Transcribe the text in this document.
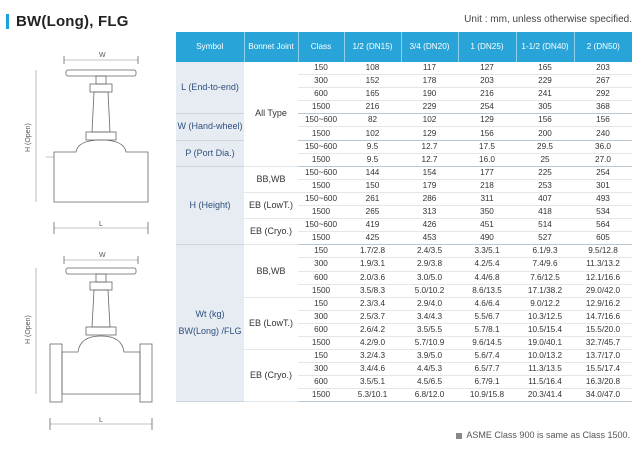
BW(Long), FLG	Unit : mm, unless otherwise specified.
W
L
H (Open)
W
L
H (Open)
Symbol	Bonnet Joint	Class	1/2 (DN15)	3/4 (DN20)	1 (DN25)	1-1/2 (DN40)	2 (DN50)
L (End-to-end)	All Type	150	108	117	127	165	203
		300	152	178	203	229	267
		600	165	190	216	241	292
		1500	216	229	254	305	368
W (Hand-wheel)		150~600	82	102	129	156	156
		1500	102	129	156	200	240
P (Port Dia.)		150~600	9.5	12.7	17.5	29.5	36.0
		1500	9.5	12.7	16.0	25	27.0
H (Height)	BB,WB	150~600	144	154	177	225	254
		1500	150	179	218	253	301
	EB (LowT.)	150~600	261	286	311	407	493
		1500	265	313	350	418	534
	EB (Cryo.)	150~600	419	426	451	514	564
		1500	425	453	490	527	605

Wt (kg)
BW(Long) /FLG	BB,WB	150	1.7/2.8	2.4/3.5	3.3/5.1	6.1/9.3	9.5/12.8
		300	1.9/3.1	2.9/3.8	4.2/5.4	7.4/9.6	11.3/13.2
		600	2.0/3.6	3.0/5.0	4.4/6.8	7.6/12.5	12.1/16.6
		1500	3.5/8.3	5.0/10.2	8.6/13.5	17.1/38.2	29.0/42.0
	EB (LowT.)	150	2.3/3.4	2.9/4.0	4.6/6.4	9.0/12.2	12.9/16.2
		300	2.5/3.7	3.4/4.3	5.5/6.7	10.3/12.5	14.7/16.6
		600	2.6/4.2	3.5/5.5	5.7/8.1	10.5/15.4	15.5/20.0
		1500	4.2/9.0	5.7/10.9	9.6/14.5	19.0/40.1	32.7/45.7
	EB (Cryo.)	150	3.2/4.3	3.9/5.0	5.6/7.4	10.0/13.2	13.7/17.0
		300	3.4/4.6	4.4/5.3	6.5/7.7	11.3/13.5	15.5/17.4
		600	3.5/5.1	4.5/6.5	6.7/9.1	11.5/16.4	16.3/20.8
		1500	5.3/10.1	6.8/12.0	10.9/15.8	20.3/41.4	34.0/47.0
ASME Class 900 is same as Class 1500.
